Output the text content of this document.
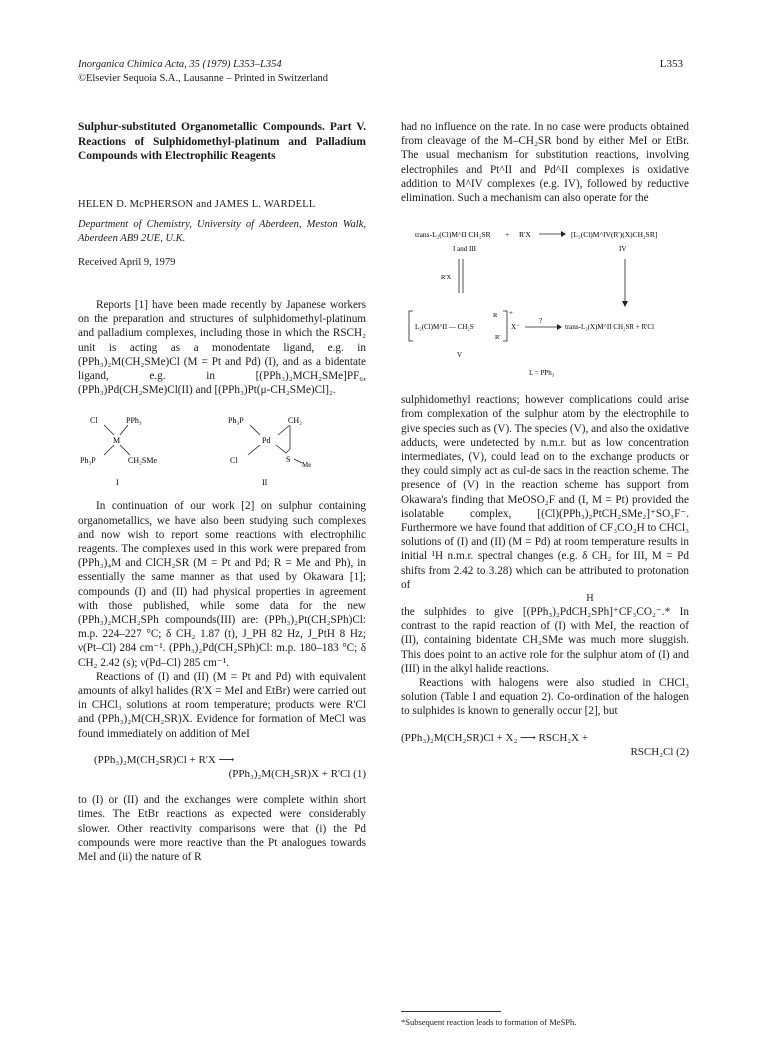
Inorganica Chimica Acta, 35 (1979) L353–L354
©Elsevier Sequoia S.A., Lausanne – Printed in Switzerland
L353
Sulphur-substituted Organometallic Compounds. Part V. Reactions of Sulphidomethyl-platinum and Palladium Compounds with Electrophilic Reagents
HELEN D. McPHERSON and JAMES L. WARDELL
Department of Chemistry, University of Aberdeen, Meston Walk, Aberdeen AB9 2UE, U.K.
Received April 9, 1979

Reports [1] have been made recently by Japanese workers on the preparation and structures of sulphidomethyl-platinum and palladium complexes, including those in which the RSCH₂ unit is acting as a monodentate ligand, e.g. in (PPh₃)₂M(CH₂SMe)Cl (M = Pt and Pd) (I), and as a bidentate ligand, e.g. in [(PPh₃)₂MCH₂SMe]PF₆, (PPh₃)Pd(CH₂SMe)Cl(II) and [(PPh₃)Pt(μ-CH₂SMe)Cl]₂.

Cl	PPh₃
M
Ph₃P	CH₂SMe
I
Ph₃P	CH₂
Pd
Cl	S
Me
II

In continuation of our work [2] on sulphur containing organometallics, we have also been studying such complexes and now wish to report some reactions with electrophilic reagents. The complexes used in this work were prepared from (PPh₃)₄M and ClCH₂SR (M = Pt and Pd; R = Me and Ph), in essentially the same manner as that used by Okawara [1]; compounds (I) and (II) had physical properties in agreement with those published, while some data for the new (PPh₃)₂MCH₂SPh compounds(III) are: (PPh₃)₂Pt(CH₂SPh)Cl: m.p. 224–227 °C; δ CH₂ 1.87 (t), J_PH 82 Hz, J_PtH 8 Hz; ν(Pt–Cl) 284 cm⁻¹. (PPh₃)₂Pd(CH₂SPh)Cl: m.p. 180–183 °C; δ CH₂ 2.42 (s); ν(Pd–Cl) 285 cm⁻¹.

Reactions of (I) and (II) (M = Pt and Pd) with equivalent amounts of alkyl halides (R'X = MeI and EtBr) were carried out in CHCl₃ solutions at room temperature; products were R'Cl and (PPh₃)₂M(CH₂SR)X. Evidence for formation of MeCl was found immediately on addition of MeI

(PPh₃)₂M(CH₂SR)Cl + R'X ⟶
(PPh₃)₂M(CH₂SR)X + R'Cl (1)

to (I) or (II) and the exchanges were complete within short times. The EtBr reactions as expected were considerably slower. Other reactivity comparisons were that (i) the Pd compounds were more reactive than the Pt analogues towards MeI and (ii) the nature of R

had no influence on the rate. In no case were products obtained from cleavage of the M–CH₂SR bond by either MeI or EtBr. The usual mechanism for substitution reactions, involving electrophiles and Pt^II and Pd^II complexes is oxidative addition to M^IV complexes (e.g. IV), followed by reductive elimination. Such a mechanism can also operate for the

trans-L₂(Cl)M^II CH₂SR + R'X	[L₂(Cl)M^IV(R')(X)CH₂SR]
I and III	IV
R'X
L₂(Cl)M^II — CH₂S
R
R'
+
X⁻
?
trans-L₂(X)M^II CH₂SR + R'Cl
V
L = PPh₃

sulphidomethyl reactions; however complications could arise from complexation of the sulphur atom by the electrophile to give species such as (V). The species (V), and also the oxidative adducts, were undetected by n.m.r. but as low concentration intermediates, (V), could lead on to the exchange products or they could simply act as cul-de sacs in the reaction scheme. The presence of (V) in the reaction scheme has support from Okawara's finding that MeOSO₂F and (I, M = Pt) provided the isolatable complex, [(Cl)(PPh₃)₂PtCH₂SMe₂]⁺SO₃F⁻. Furthermore we have found that addition of CF₃CO₂H to CHCl₃ solutions of (I) and (II) (M = Pd) at room temperature results in initial ¹H n.m.r. spectral changes (e.g. δ CH₂ for III, M = Pd shifts from 2.42 to 3.28) which can be attributed to protonation of

H

the sulphides to give [(PPh₃)₂PdCH₂SPh]⁺CF₃CO₂⁻.* In contrast to the rapid reaction of (I) with MeI, the reaction of (II), containing bidentate CH₂SMe was much more sluggish. This does point to an active role for the sulphur atom of (I) and (III) in the alkyl halide reactions.

Reactions with halogens were also studied in CHCl₃ solution (Table I and equation 2). Co-ordination of the halogen to sulphides is known to generally occur [2], but

(PPh₃)₂M(CH₂SR)Cl + X₂ ⟶ RSCH₂X +
RSCH₂Cl (2)
*Subsequent reaction leads to formation of MeSPh.
